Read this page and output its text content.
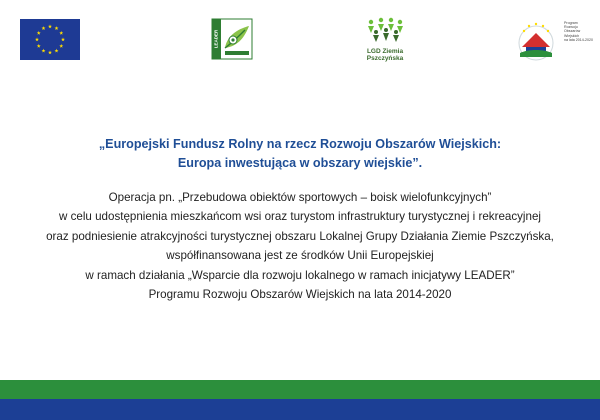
LEADER
LGD Ziemia
Pszczyńska
Program
Rozwoju
Obszarów
Wiejskich
na lata 2014-2020
„Europejski Fundusz Rolny na rzecz Rozwoju Obszarów Wiejskich:
Europa inwestująca w obszary wiejskie”.
Operacja pn. „Przebudowa obiektów sportowych – boisk wielofunkcyjnych”
w celu udostępnienia mieszkańcom wsi oraz turystom infrastruktury turystycznej i rekreacyjnej
oraz podniesienie atrakcyjności turystycznej obszaru Lokalnej Grupy Działania Ziemie Pszczyńska,
współfinansowana jest ze środków Unii Europejskiej
w ramach działania „Wsparcie dla rozwoju lokalnego w ramach inicjatywy LEADER”
Programu Rozwoju Obszarów Wiejskich na lata 2014-2020
